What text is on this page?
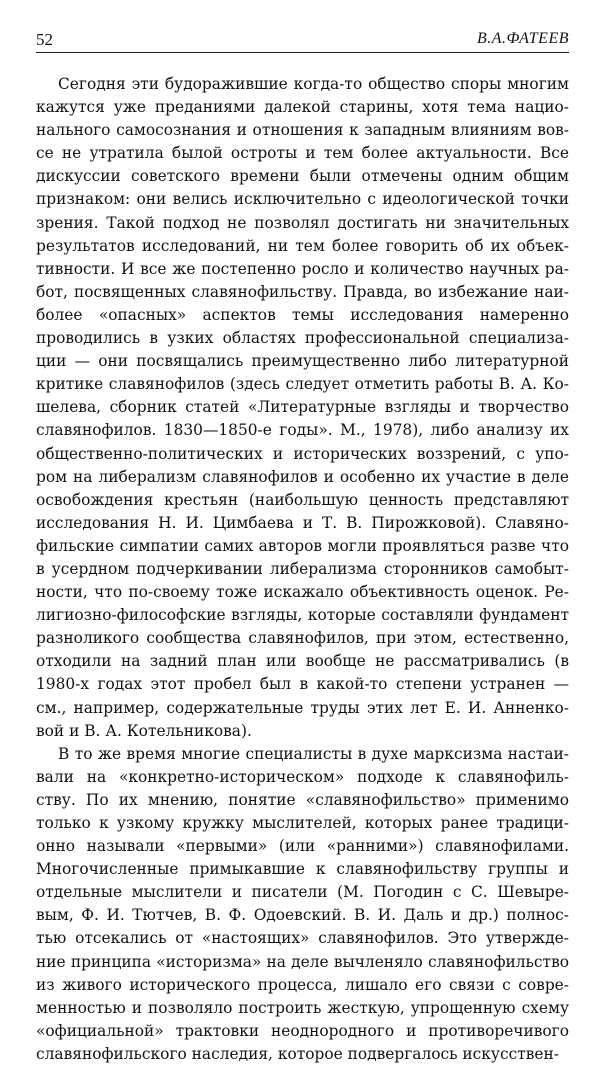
52	В.А.ФАТЕЕВ
Сегодня эти будоражившие когда-то общество споры многим
кажутся уже преданиями далекой старины, хотя тема нацио-
нального самосознания и отношения к западным влияниям вов-
се не утратила былой остроты и тем более актуальности. Все
дискуссии советского времени были отмечены одним общим
признаком: они велись исключительно с идеологической точки
зрения. Такой подход не позволял достигать ни значительных
результатов исследований, ни тем более говорить об их объек-
тивности. И все же постепенно росло и количество научных ра-
бот, посвященных славянофильству. Правда, во избежание наи-
более «опасных» аспектов темы исследования намеренно
проводились в узких областях профессиональной специализа-
ции — они посвящались преимущественно либо литературной
критике славянофилов (здесь следует отметить работы В. А. Ко-
шелева, сборник статей «Литературные взгляды и творчество
славянофилов. 1830—1850-е годы». М., 1978), либо анализу их
общественно-политических и исторических воззрений, с упо-
ром на либерализм славянофилов и особенно их участие в деле
освобождения крестьян (наибольшую ценность представляют
исследования Н. И. Цимбаева и Т. В. Пирожковой). Славяно-
фильские симпатии самих авторов могли проявляться разве что
в усердном подчеркивании либерализма сторонников самобыт-
ности, что по-своему тоже искажало объективность оценок. Ре-
лигиозно-философские взгляды, которые составляли фундамент
разноликого сообщества славянофилов, при этом, естественно,
отходили на задний план или вообще не рассматривались (в
1980-х годах этот пробел был в какой-то степени устранен —
см., например, содержательные труды этих лет Е. И. Анненко-
вой и В. А. Котельникова).
В то же время многие специалисты в духе марксизма настаи-
вали на «конкретно-историческом» подходе к славянофиль-
ству. По их мнению, понятие «славянофильство» применимо
только к узкому кружку мыслителей, которых ранее традици-
онно называли «первыми» (или «ранними») славянофилами.
Многочисленные примыкавшие к славянофильству группы и
отдельные мыслители и писатели (М. Погодин с С. Шевыре-
вым, Ф. И. Тютчев, В. Ф. Одоевский. В. И. Даль и др.) полнос-
тью отсекались от «настоящих» славянофилов. Это утвержде-
ние принципа «историзма» на деле вычленяло славянофильство
из живого исторического процесса, лишало его связи с совре-
менностью и позволяло построить жесткую, упрощенную схему
«официальной» трактовки неоднородного и противоречивого
славянофильского наследия, которое подвергалось искусствен-
